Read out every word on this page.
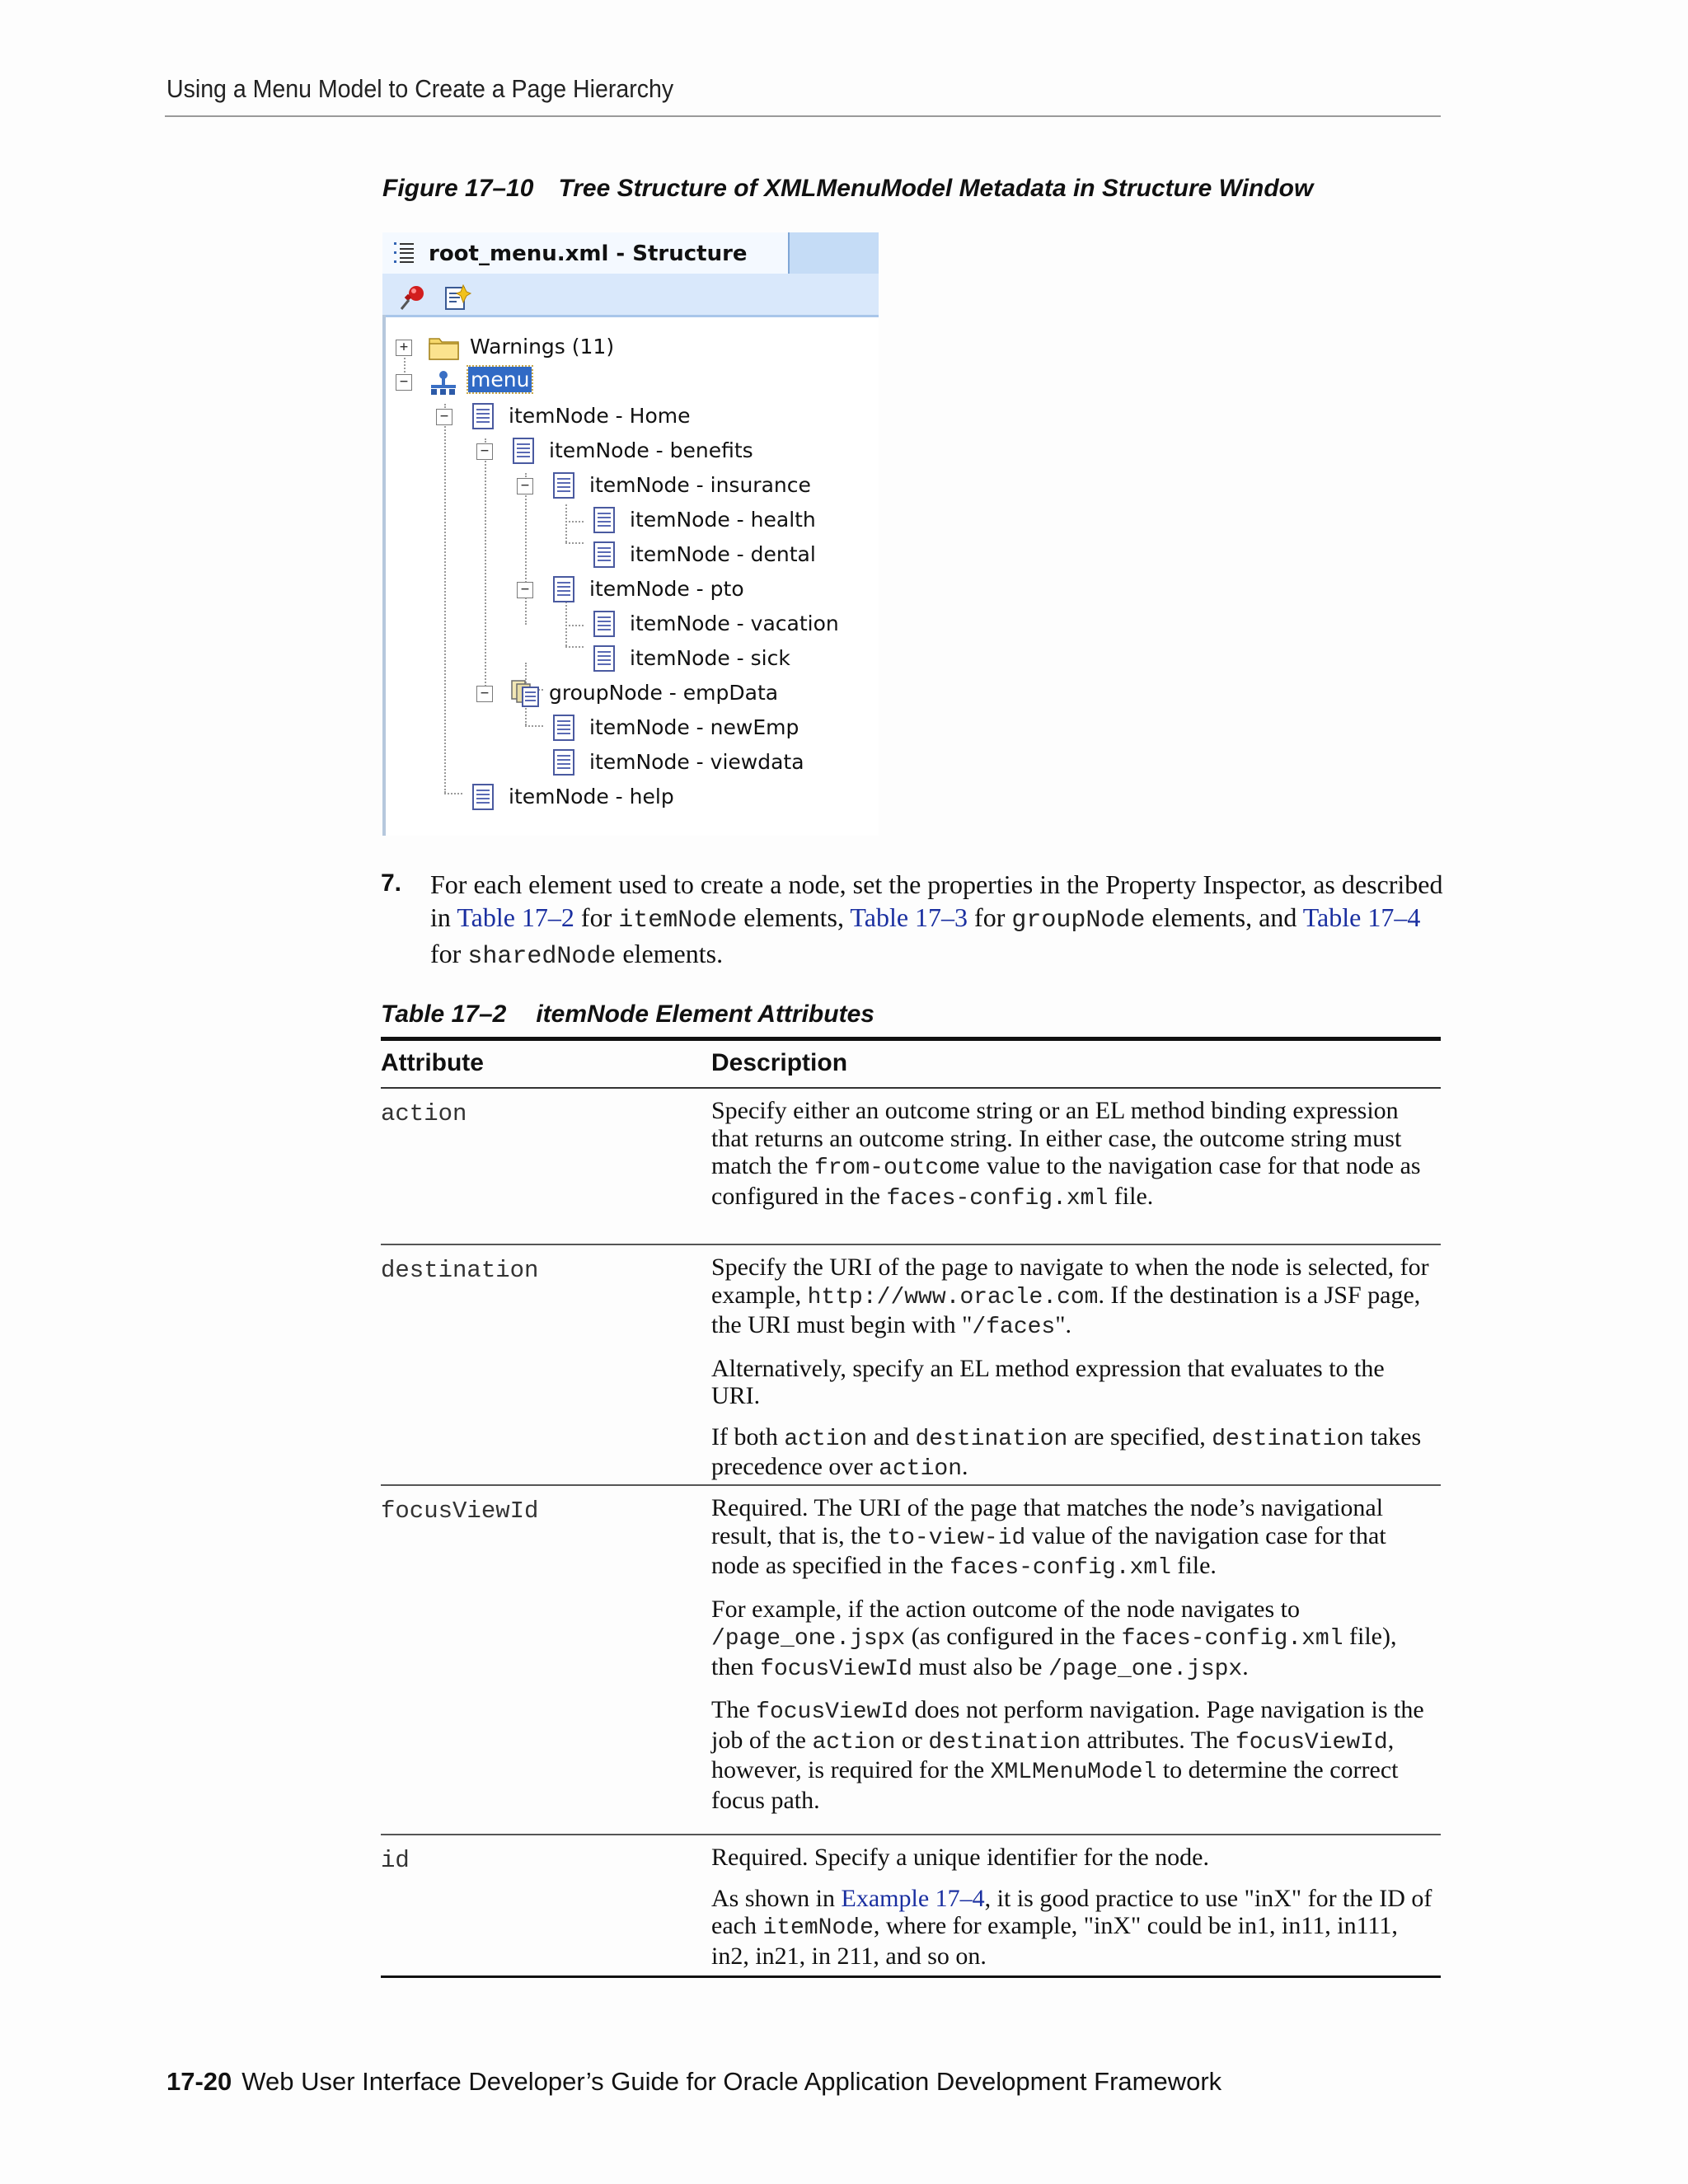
Using a Menu Model to Create a Page Hierarchy
Figure 17–10 Tree Structure of XMLMenuModel Metadata in Structure Window
root_menu.xml - Structure
+	Warnings (11)
−	menu
−	itemNode - Home
−	itemNode - benefits
−	itemNode - insurance
itemNode - health
itemNode - dental
−	itemNode - pto
itemNode - vacation
itemNode - sick
−	groupNode - empData
itemNode - newEmp
itemNode - viewdata
itemNode - help
7. For each element used to create a node, set the properties in the Property Inspector, as described in Table 17–2 for itemNode elements, Table 17–3 for groupNode elements, and Table 17–4 for sharedNode elements.
Table 17–2 itemNode Element Attributes
Attribute	Description
action	Specify either an outcome string or an EL method binding expression that returns an outcome string. In either case, the outcome string must match the from-outcome value to the navigation case for that node as configured in the faces-config.xml file.

destination	Specify the URI of the page to navigate to when the node is selected, for example, http://www.oracle.com. If the destination is a JSF page, the URI must begin with "/faces".

Alternatively, specify an EL method expression that evaluates to the URI.

If both action and destination are specified, destination takes precedence over action.

focusViewId	Required. The URI of the page that matches the node’s navigational result, that is, the to-view-id value of the navigation case for that node as specified in the faces-config.xml file.

For example, if the action outcome of the node navigates to /page_one.jspx (as configured in the faces-config.xml file), then focusViewId must also be /page_one.jspx.

The focusViewId does not perform navigation. Page navigation is the job of the action or destination attributes. The focusViewId, however, is required for the XMLMenuModel to determine the correct focus path.

id	Required. Specify a unique identifier for the node.

As shown in Example 17–4, it is good practice to use "inX" for the ID of each itemNode, where for example, "inX" could be in1, in11, in111, in2, in21, in 211, and so on.

17-20 Web User Interface Developer’s Guide for Oracle Application Development Framework
